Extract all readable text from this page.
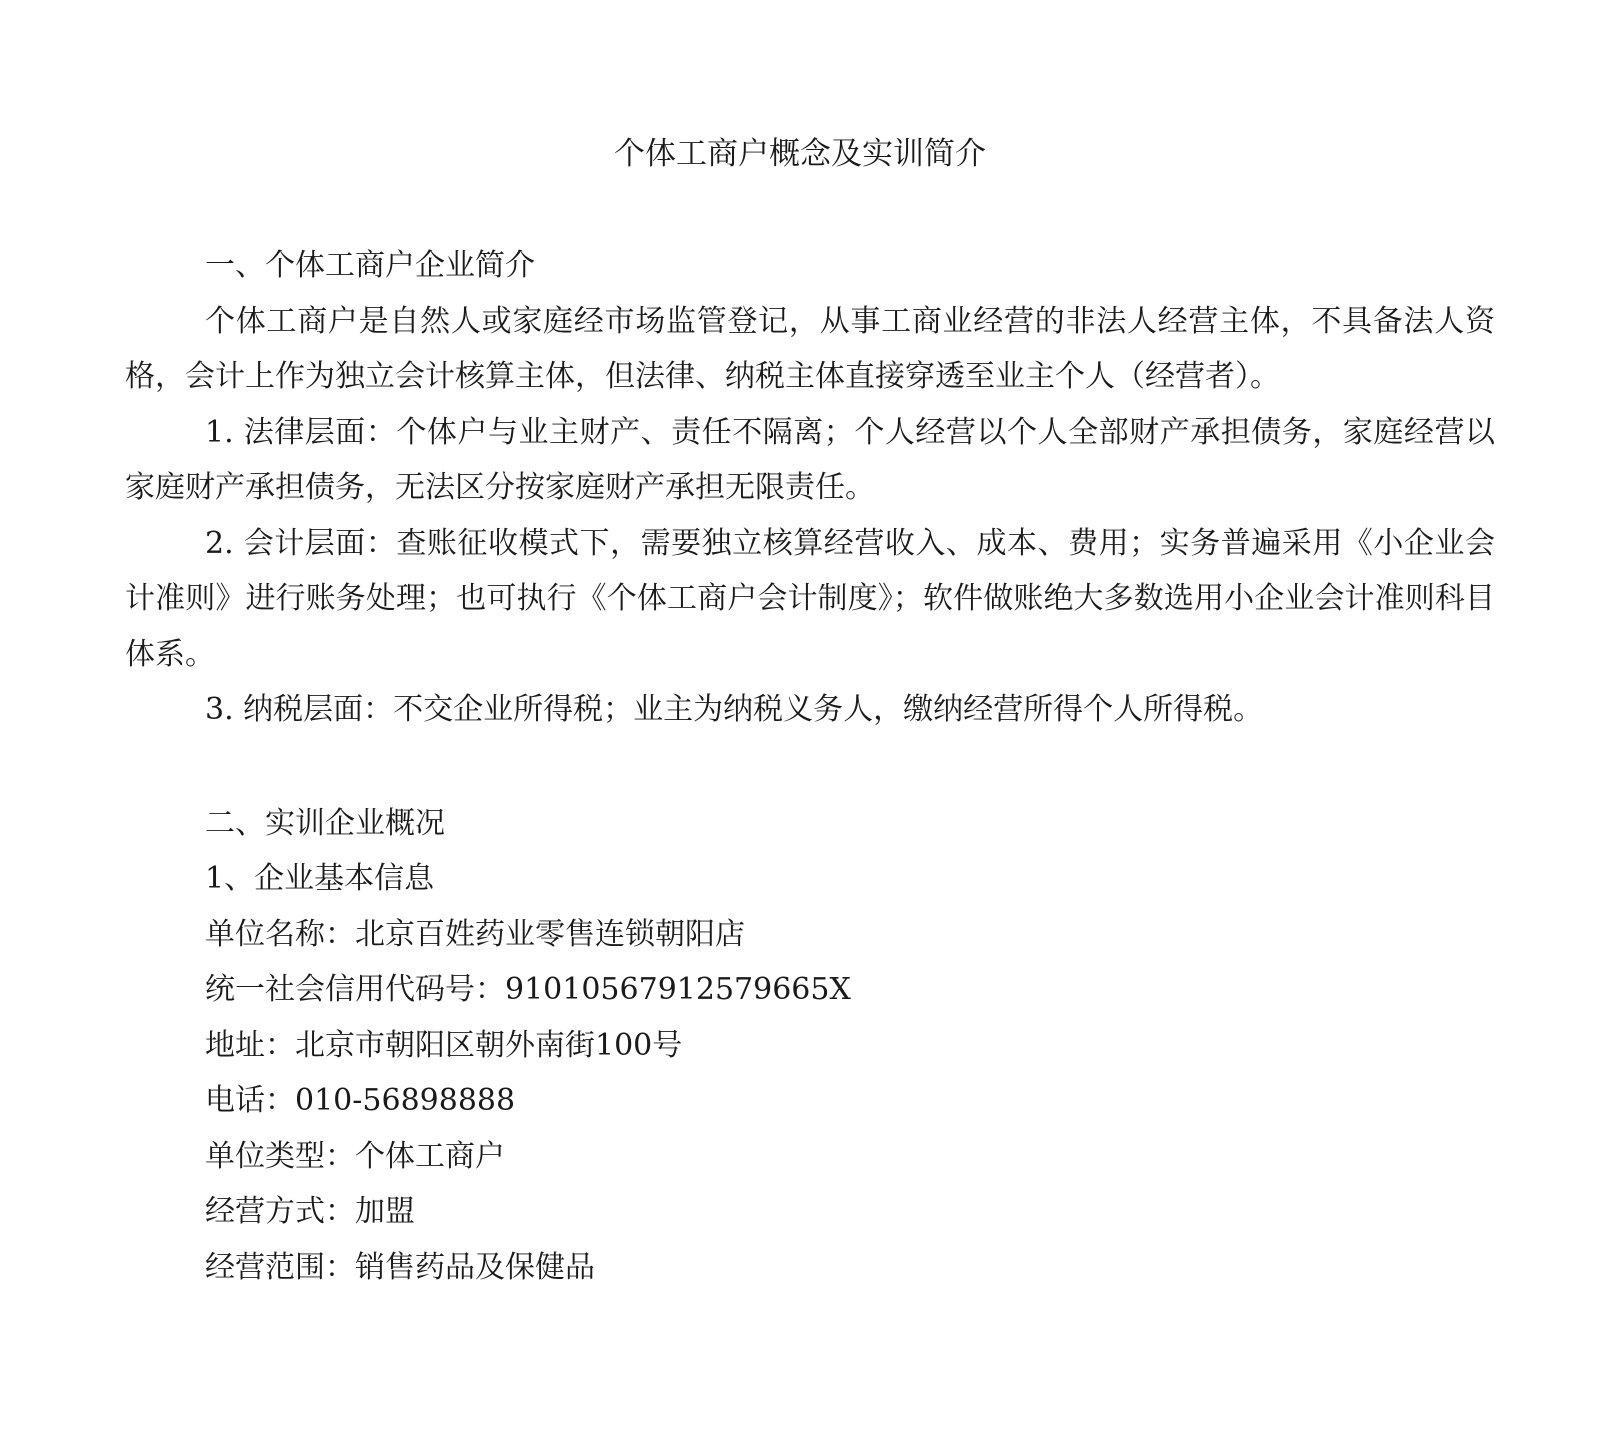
个体工商户概念及实训简介
一、个体工商户企业简介

个体工商户是自然人或家庭经市场监管登记，从事工商业经营的非法人经营主体，不具备法人资格，会计上作为独立会计核算主体，但法律、纳税主体直接穿透至业主个人（经营者）。

1. 法律层面：个体户与业主财产、责任不隔离；个人经营以个人全部财产承担债务，家庭经营以家庭财产承担债务，无法区分按家庭财产承担无限责任。

2. 会计层面：查账征收模式下，需要独立核算经营收入、成本、费用；实务普遍采用《小企业会计准则》进行账务处理；也可执行《个体工商户会计制度》；软件做账绝大多数选用小企业会计准则科目体系。

3. 纳税层面：不交企业所得税；业主为纳税义务人，缴纳经营所得个人所得税。

二、实训企业概况

1、企业基本信息

单位名称：北京百姓药业零售连锁朝阳店

统一社会信用代码号：91010567912579665X

地址：北京市朝阳区朝外南街100号

电话：010-56898888

单位类型：个体工商户

经营方式：加盟

经营范围：销售药品及保健品
